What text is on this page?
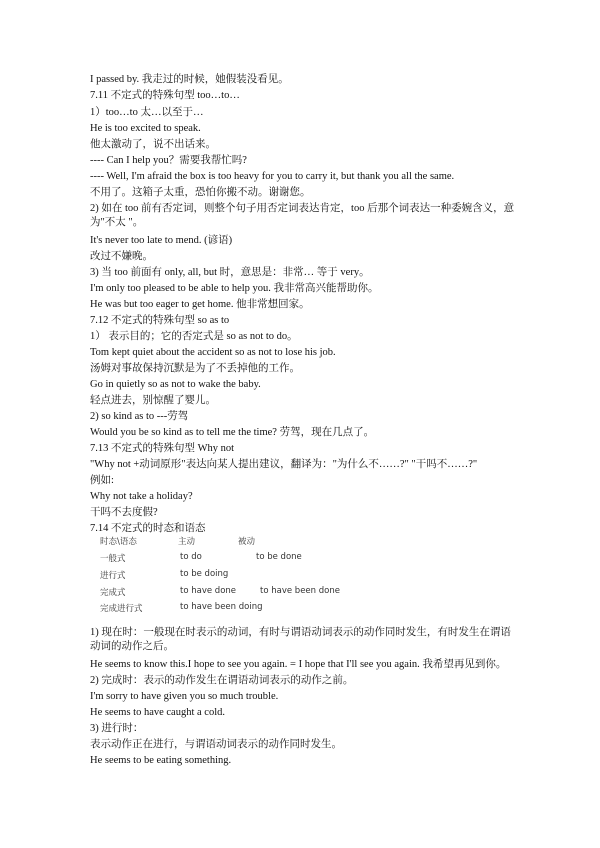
I passed by. 我走过的时候，她假装没看见。
7.11 不定式的特殊句型 too…to…
1）too…to 太…以至于…
He is too excited to speak.
他太激动了，说不出话来。
---- Can I help you？需要我帮忙吗?
---- Well, I'm afraid the box is too heavy for you to carry it, but thank you all the same.
不用了。这箱子太重，恐怕你搬不动。谢谢您。
2) 如在 too 前有否定词，则整个句子用否定词表达肯定，too 后那个词表达一种委婉含义，意 为"不太 "。
It's never too late to mend. (谚语)
改过不嫌晚。
3) 当 too 前面有 only, all, but 时，意思是：非常… 等于 very。
I'm only too pleased to be able to help you. 我非常高兴能帮助你。
He was but too eager to get home. 他非常想回家。
7.12 不定式的特殊句型 so as to
1） 表示目的；它的否定式是 so as not to do。
Tom kept quiet about the accident so as not to lose his job.
汤姆对事故保持沉默是为了不丢掉他的工作。
Go in quietly so as not to wake the baby.
轻点进去，别惊醒了婴儿。
2) so kind as to ---劳驾
Would you be so kind as to tell me the time? 劳驾，现在几点了。
7.13 不定式的特殊句型 Why not
"Why not +动词原形"表达向某人提出建议，翻译为："为什么不……?" "干吗不……?"
例如:
Why not take a holiday?
干吗不去度假?
7.14 不定式的时态和语态
时态\语态	主动	被动
一般式	to do	to be done
进行式	to be doing
完成式	to have done	to have been done
完成进行式	to have been doing
1) 现在时：一般现在时表示的动词，有时与谓语动词表示的动作同时发生，有时发生在谓语动词的动作之后。
He seems to know this.I hope to see you again. = I hope that I'll see you again. 我希望再见到你。
2) 完成时：表示的动作发生在谓语动词表示的动作之前。
I'm sorry to have given you so much trouble.
He seems to have caught a cold.
3) 进行时：
表示动作正在进行，与谓语动词表示的动作同时发生。
He seems to be eating something.
